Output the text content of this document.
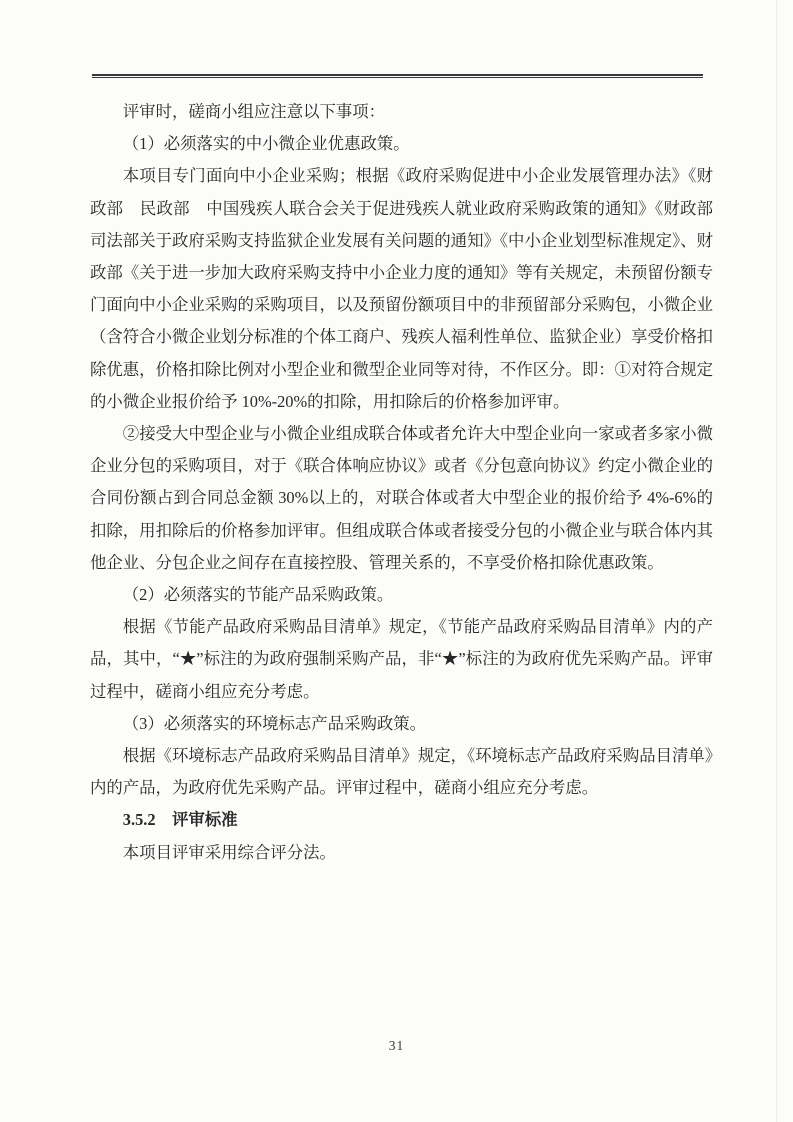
评审时，磋商小组应注意以下事项：

（1）必须落实的中小微企业优惠政策。

本项目专门面向中小企业采购；根据《政府采购促进中小企业发展管理办法》《财政部　民政部　中国残疾人联合会关于促进残疾人就业政府采购政策的通知》《财政部　司法部关于政府采购支持监狱企业发展有关问题的通知》《中小企业划型标准规定》、财政部《关于进一步加大政府采购支持中小企业力度的通知》等有关规定，未预留份额专门面向中小企业采购的采购项目，以及预留份额项目中的非预留部分采购包，小微企业（含符合小微企业划分标准的个体工商户、残疾人福利性单位、监狱企业）享受价格扣除优惠，价格扣除比例对小型企业和微型企业同等对待，不作区分。即：①对符合规定的小微企业报价给予 10%-20%的扣除，用扣除后的价格参加评审。

②接受大中型企业与小微企业组成联合体或者允许大中型企业向一家或者多家小微企业分包的采购项目，对于《联合体响应协议》或者《分包意向协议》约定小微企业的合同份额占到合同总金额 30%以上的，对联合体或者大中型企业的报价给予 4%-6%的扣除，用扣除后的价格参加评审。但组成联合体或者接受分包的小微企业与联合体内其他企业、分包企业之间存在直接控股、管理关系的，不享受价格扣除优惠政策。

（2）必须落实的节能产品采购政策。

根据《节能产品政府采购品目清单》规定，《节能产品政府采购品目清单》内的产品，其中，“★”标注的为政府强制采购产品，非“★”标注的为政府优先采购产品。评审过程中，磋商小组应充分考虑。

（3）必须落实的环境标志产品采购政策。

根据《环境标志产品政府采购品目清单》规定，《环境标志产品政府采购品目清单》内的产品，为政府优先采购产品。评审过程中，磋商小组应充分考虑。

3.5.2　评审标准

本项目评审采用综合评分法。

31
